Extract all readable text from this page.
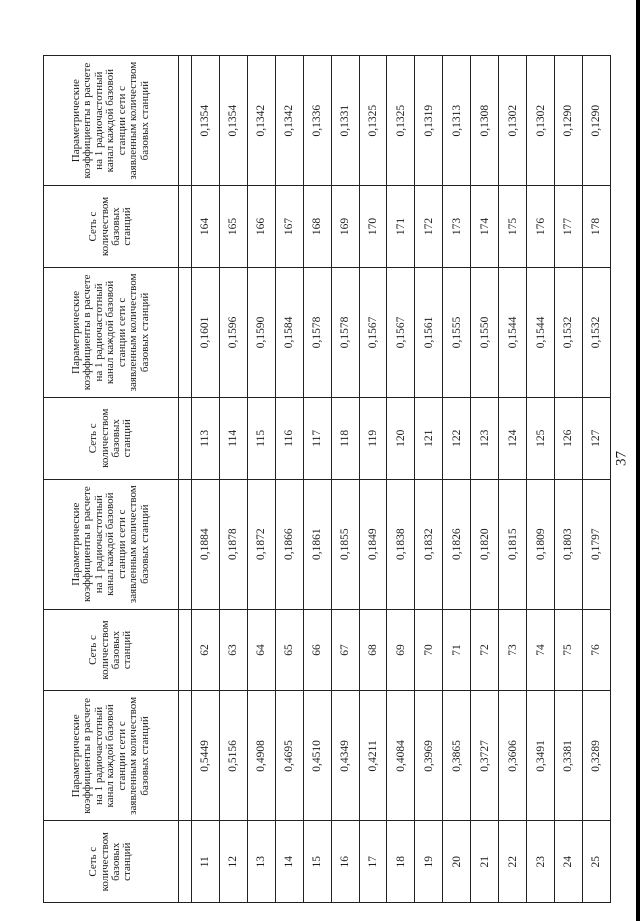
37
Сеть с количеством базовых станций	Параметрические коэффициенты в расчете на 1 радиочастотный канал каждой базовой станции сети с заявленным количеством базовых станций	Сеть с количеством базовых станций	Параметрические коэффициенты в расчете на 1 радиочастотный канал каждой базовой станции сети с заявленным количеством базовых станций	Сеть с количеством базовых станций	Параметрические коэффициенты в расчете на 1 радиочастотный канал каждой базовой станции сети с заявленным количеством базовых станций	Сеть с количеством базовых станций	Параметрические коэффициенты в расчете на 1 радиочастотный канал каждой базовой станции сети с заявленным количеством базовых станций

11	0,5449	62	0,1884	113	0,1601	164	0,1354
12	0,5156	63	0,1878	114	0,1596	165	0,1354
13	0,4908	64	0,1872	115	0,1590	166	0,1342
14	0,4695	65	0,1866	116	0,1584	167	0,1342
15	0,4510	66	0,1861	117	0,1578	168	0,1336
16	0,4349	67	0,1855	118	0,1578	169	0,1331
17	0,4211	68	0,1849	119	0,1567	170	0,1325
18	0,4084	69	0,1838	120	0,1567	171	0,1325
19	0,3969	70	0,1832	121	0,1561	172	0,1319
20	0,3865	71	0,1826	122	0,1555	173	0,1313
21	0,3727	72	0,1820	123	0,1550	174	0,1308
22	0,3606	73	0,1815	124	0,1544	175	0,1302
23	0,3491	74	0,1809	125	0,1544	176	0,1302
24	0,3381	75	0,1803	126	0,1532	177	0,1290
25	0,3289	76	0,1797	127	0,1532	178	0,1290
